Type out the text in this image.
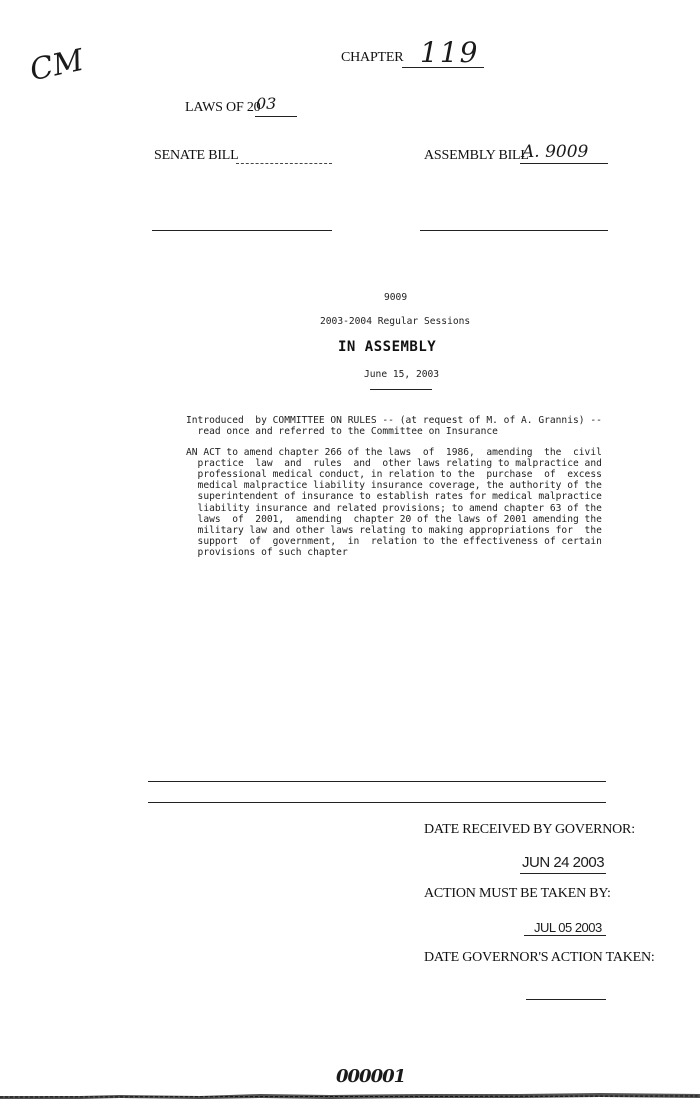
CM	CHAPTER 119
LAWS OF 20
03
SENATE BILL	ASSEMBLY BILL
A. 9009
9009
2003-2004 Regular Sessions
IN ASSEMBLY
June 15, 2003

Introduced  by COMMITTEE ON RULES -- (at request of M. of A. Grannis) --
read once and referred to the Committee on Insurance

AN ACT to amend chapter 266 of the laws  of  1986,  amending  the  civil
practice  law  and  rules  and  other laws relating to malpractice and
professional medical conduct, in relation to the  purchase  of  excess
medical malpractice liability insurance coverage, the authority of the
superintendent of insurance to establish rates for medical malpractice
liability insurance and related provisions; to amend chapter 63 of the
laws  of  2001,  amending  chapter 20 of the laws of 2001 amending the
military law and other laws relating to making appropriations for  the
support  of  government,  in  relation to the effectiveness of certain
provisions of such chapter

DATE RECEIVED BY GOVERNOR:
JUN 24 2003
ACTION MUST BE TAKEN BY:
JUL 05 2003
DATE GOVERNOR'S ACTION TAKEN:
000001
